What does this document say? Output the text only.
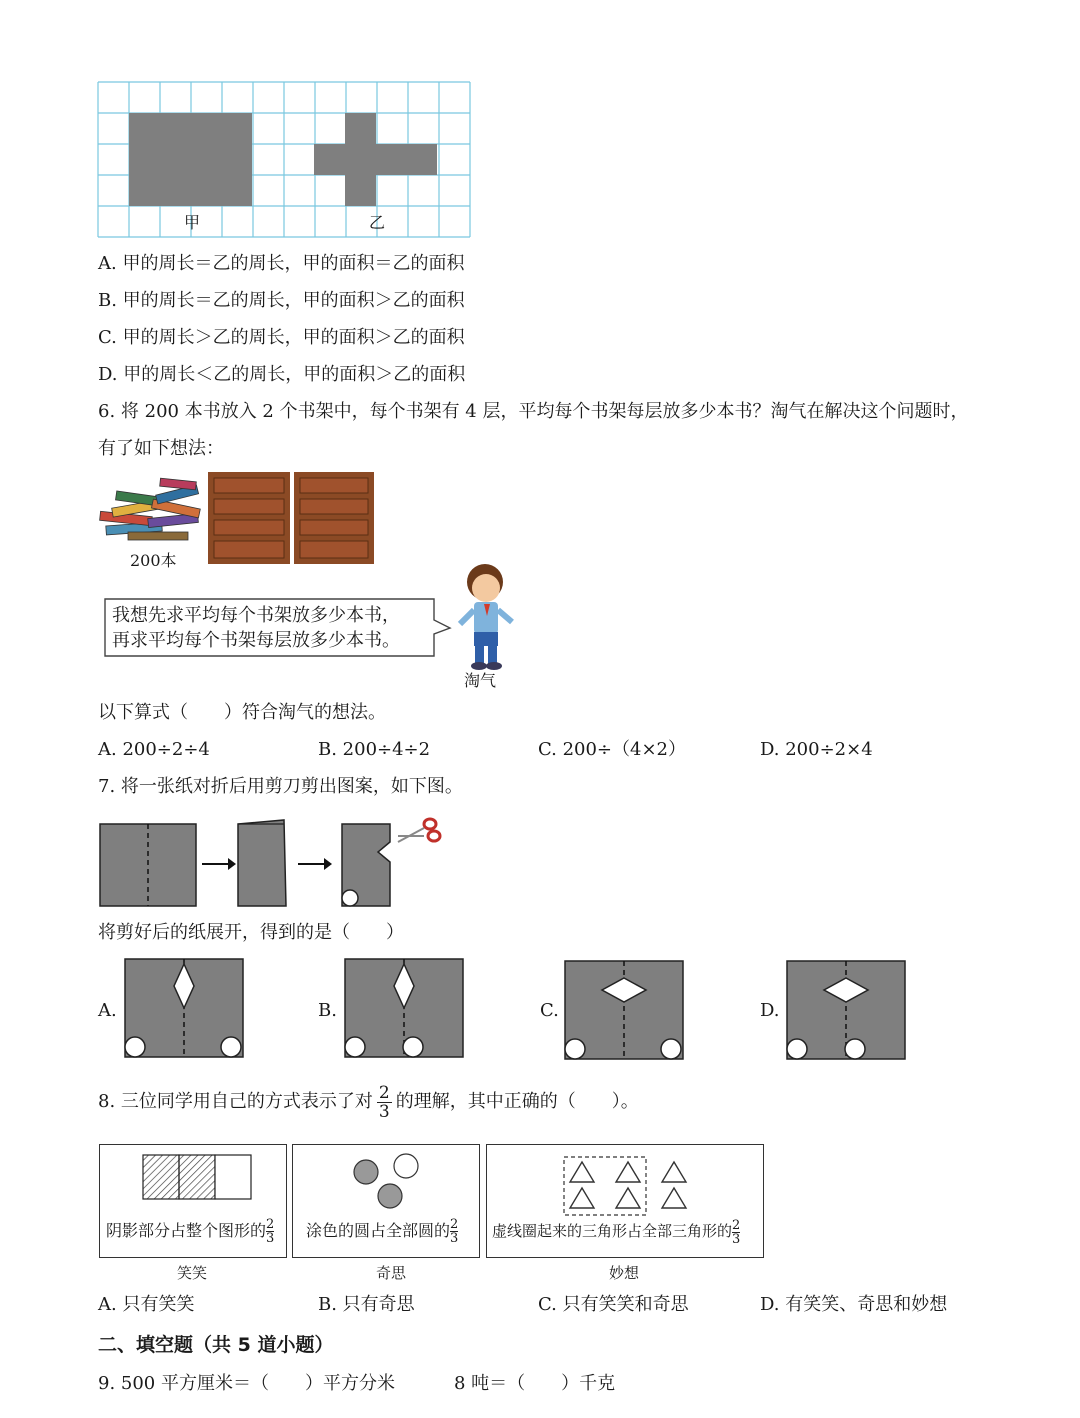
甲	乙
A. 甲的周长＝乙的周长，甲的面积＝乙的面积
B. 甲的周长＝乙的周长，甲的面积＞乙的面积
C. 甲的周长＞乙的周长，甲的面积＞乙的面积
D. 甲的周长＜乙的周长，甲的面积＞乙的面积
6. 将 200 本书放入 2 个书架中，每个书架有 4 层，平均每个书架每层放多少本书？淘气在解决这个问题时，
有了如下想法：
200本
我想先求平均每个书架放多少本书，
再求平均每个书架每层放多少本书。
淘气
以下算式（　　）符合淘气的想法。
A. 200÷2÷4	B. 200÷4÷2	C. 200÷（4×2）	D. 200÷2×4
7. 将一张纸对折后用剪刀剪出图案，如下图。
将剪好后的纸展开，得到的是（　　）
A.	B.	C.	D.
8. 三位同学用自己的方式表示了对 $\frac{2}{3}$ 的理解，其中正确的（　　）。
阴影部分占整个图形的 $\frac{2}{3}$
笑笑
涂色的圆占全部圆的 $\frac{2}{3}$
奇思
虚线圈起来的三角形占全部三角形的 $\frac{2}{3}$
妙想
A. 只有笑笑	B. 只有奇思	C. 只有笑笑和奇思	D. 有笑笑、奇思和妙想
二、填空题（共 5 道小题）
9. 500 平方厘米＝（　　）平方分米	8 吨＝（　　）千克
